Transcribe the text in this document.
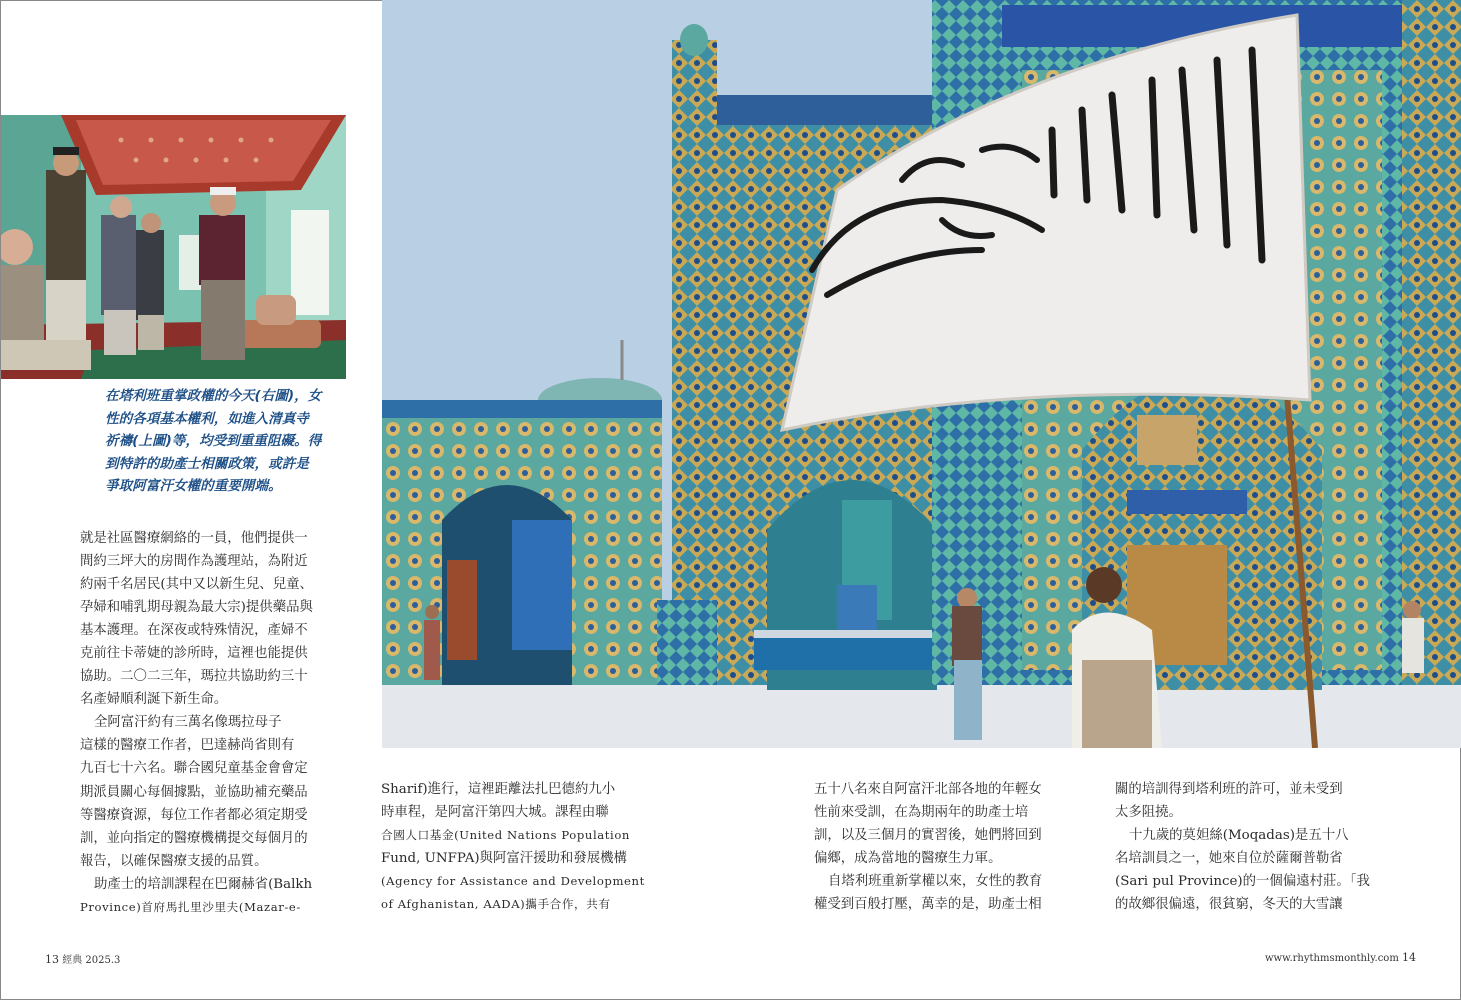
在塔利班重掌政權的今天(右圖)，女
性的各項基本權利，如進入清真寺
祈禱(上圖)等，均受到重重阻礙。得
到特許的助產士相關政策，或許是
爭取阿富汗女權的重要開端。

就是社區醫療網絡的一員，他們提供一
間約三坪大的房間作為護理站，為附近
約兩千名居民(其中又以新生兒、兒童、
孕婦和哺乳期母親為最大宗)提供藥品與
基本護理。在深夜或特殊情況，產婦不
克前往卡蒂婕的診所時，這裡也能提供
協助。二〇二三年，瑪拉共協助約三十
名產婦順利誕下新生命。
全阿富汗約有三萬名像瑪拉母子
這樣的醫療工作者，巴達赫尚省則有
九百七十六名。聯合國兒童基金會會定
期派員關心每個據點，並協助補充藥品
等醫療資源，每位工作者都必須定期受
訓，並向指定的醫療機構提交每個月的
報告，以確保醫療支援的品質。
助產士的培訓課程在巴爾赫省(Balkh
Province)首府馬扎里沙里夫(Mazar-e-

Sharif)進行，這裡距離法扎巴德約九小
時車程，是阿富汗第四大城。課程由聯
合國人口基金(United Nations Population
Fund, UNFPA)與阿富汗援助和發展機構
(Agency for Assistance and Development
of Afghanistan, AADA)攜手合作，共有

五十八名來自阿富汗北部各地的年輕女
性前來受訓，在為期兩年的助產士培
訓，以及三個月的實習後，她們將回到
偏鄉，成為當地的醫療生力軍。
自塔利班重新掌權以來，女性的教育
權受到百般打壓，萬幸的是，助產士相

關的培訓得到塔利班的許可，並未受到
太多阻撓。
十九歲的莫妲絲(Moqadas)是五十八
名培訓員之一，她來自位於薩爾普勒省
(Sari pul Province)的一個偏遠村莊。「我
的故鄉很偏遠，很貧窮，冬天的大雪讓

13 經典 2025.3	www.rhythmsmonthly.com 14
